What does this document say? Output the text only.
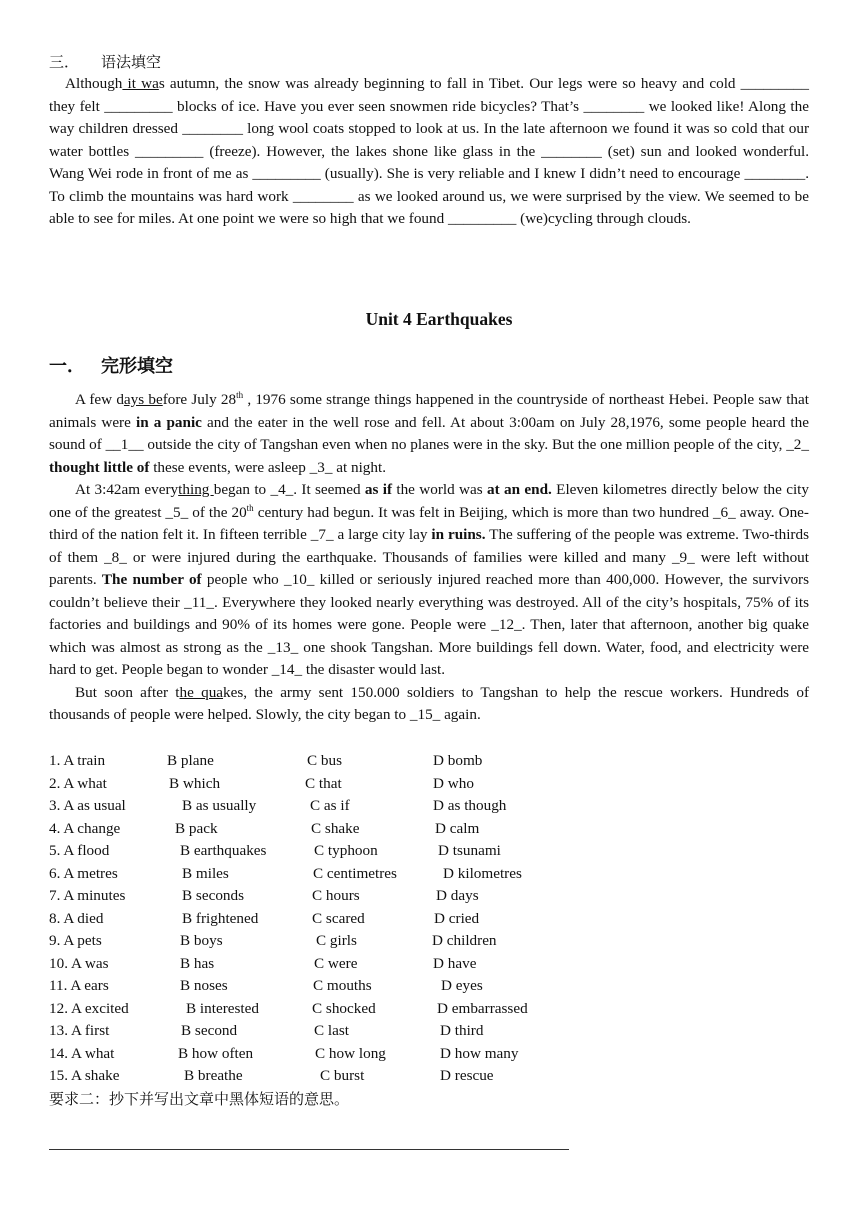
三． 语法填空

Although it was autumn, the snow was already beginning to fall in Tibet. Our legs were so heavy and cold _________ they felt _________ blocks of ice. Have you ever seen snowmen ride bicycles? That’s ________ we looked like! Along the way children dressed ________ long wool coats stopped to look at us. In the late afternoon we found it was so cold that our water bottles _________ (freeze). However, the lakes shone like glass in the ________ (set) sun and looked wonderful. Wang Wei rode in front of me as _________ (usually). She is very reliable and I knew I didn’t need to encourage ________. To climb the mountains was hard work ________ as we looked around us, we were surprised by the view. We seemed to be able to see for miles. At one point we were so high that we found _________ (we)cycling through clouds.

Unit 4 Earthquakes
一． 完形填空

A few days before July 28th , 1976 some strange things happened in the countryside of northeast Hebei. People saw that animals were in a panic and the eater in the well rose and fell. At about 3:00am on July 28,1976, some people heard the sound of __1__ outside the city of Tangshan even when no planes were in the sky. But the one million people of the city, _2_ thought little of these events, were asleep _3_ at night.

At 3:42am everything began to _4_. It seemed as if the world was at an end. Eleven kilometres directly below the city one of the greatest _5_ of the 20th century had begun. It was felt in Beijing, which is more than two hundred _6_ away. One-third of the nation felt it. In fifteen terrible _7_ a large city lay in ruins. The suffering of the people was extreme. Two-thirds of them _8_ or were injured during the earthquake. Thousands of families were killed and many _9_ were left without parents. The number of people who _10_ killed or seriously injured reached more than 400,000. However, the survivors couldn’t believe their _11_. Everywhere they looked nearly everything was destroyed. All of the city’s hospitals, 75% of its factories and buildings and 90% of its homes were gone. People were _12_. Then, later that afternoon, another big quake which was almost as strong as the _13_ one shook Tangshan. More buildings fell down. Water, food, and electricity were hard to get. People began to wonder _14_ the disaster would last.

But soon after the quakes, the army sent 150.000 soldiers to Tangshan to help the rescue workers. Hundreds of thousands of people were helped. Slowly, the city began to _15_ again.

1. A train	B plane	C bus	D bomb
2. A what	B which	C that	D who
3. A as usual	B as usually	C as if	D as though
4. A change	B pack	C shake	D calm
5. A flood	B earthquakes	C typhoon	D tsunami
6. A metres	B miles	C centimetres	D kilometres
7. A minutes	B seconds	C hours	D days
8. A died	B frightened	C scared	D cried
9. A pets	B boys	C girls	D children
10. A was	B has	C were	D have
11. A ears	B noses	C mouths	D eyes
12. A excited	B interested	C shocked	D embarrassed
13. A first	B second	C last	D third
14. A what	B how often	C how long	D how many
15. A shake	B breathe	C burst	D rescue
要求二：抄下并写出文章中黑体短语的意思。
